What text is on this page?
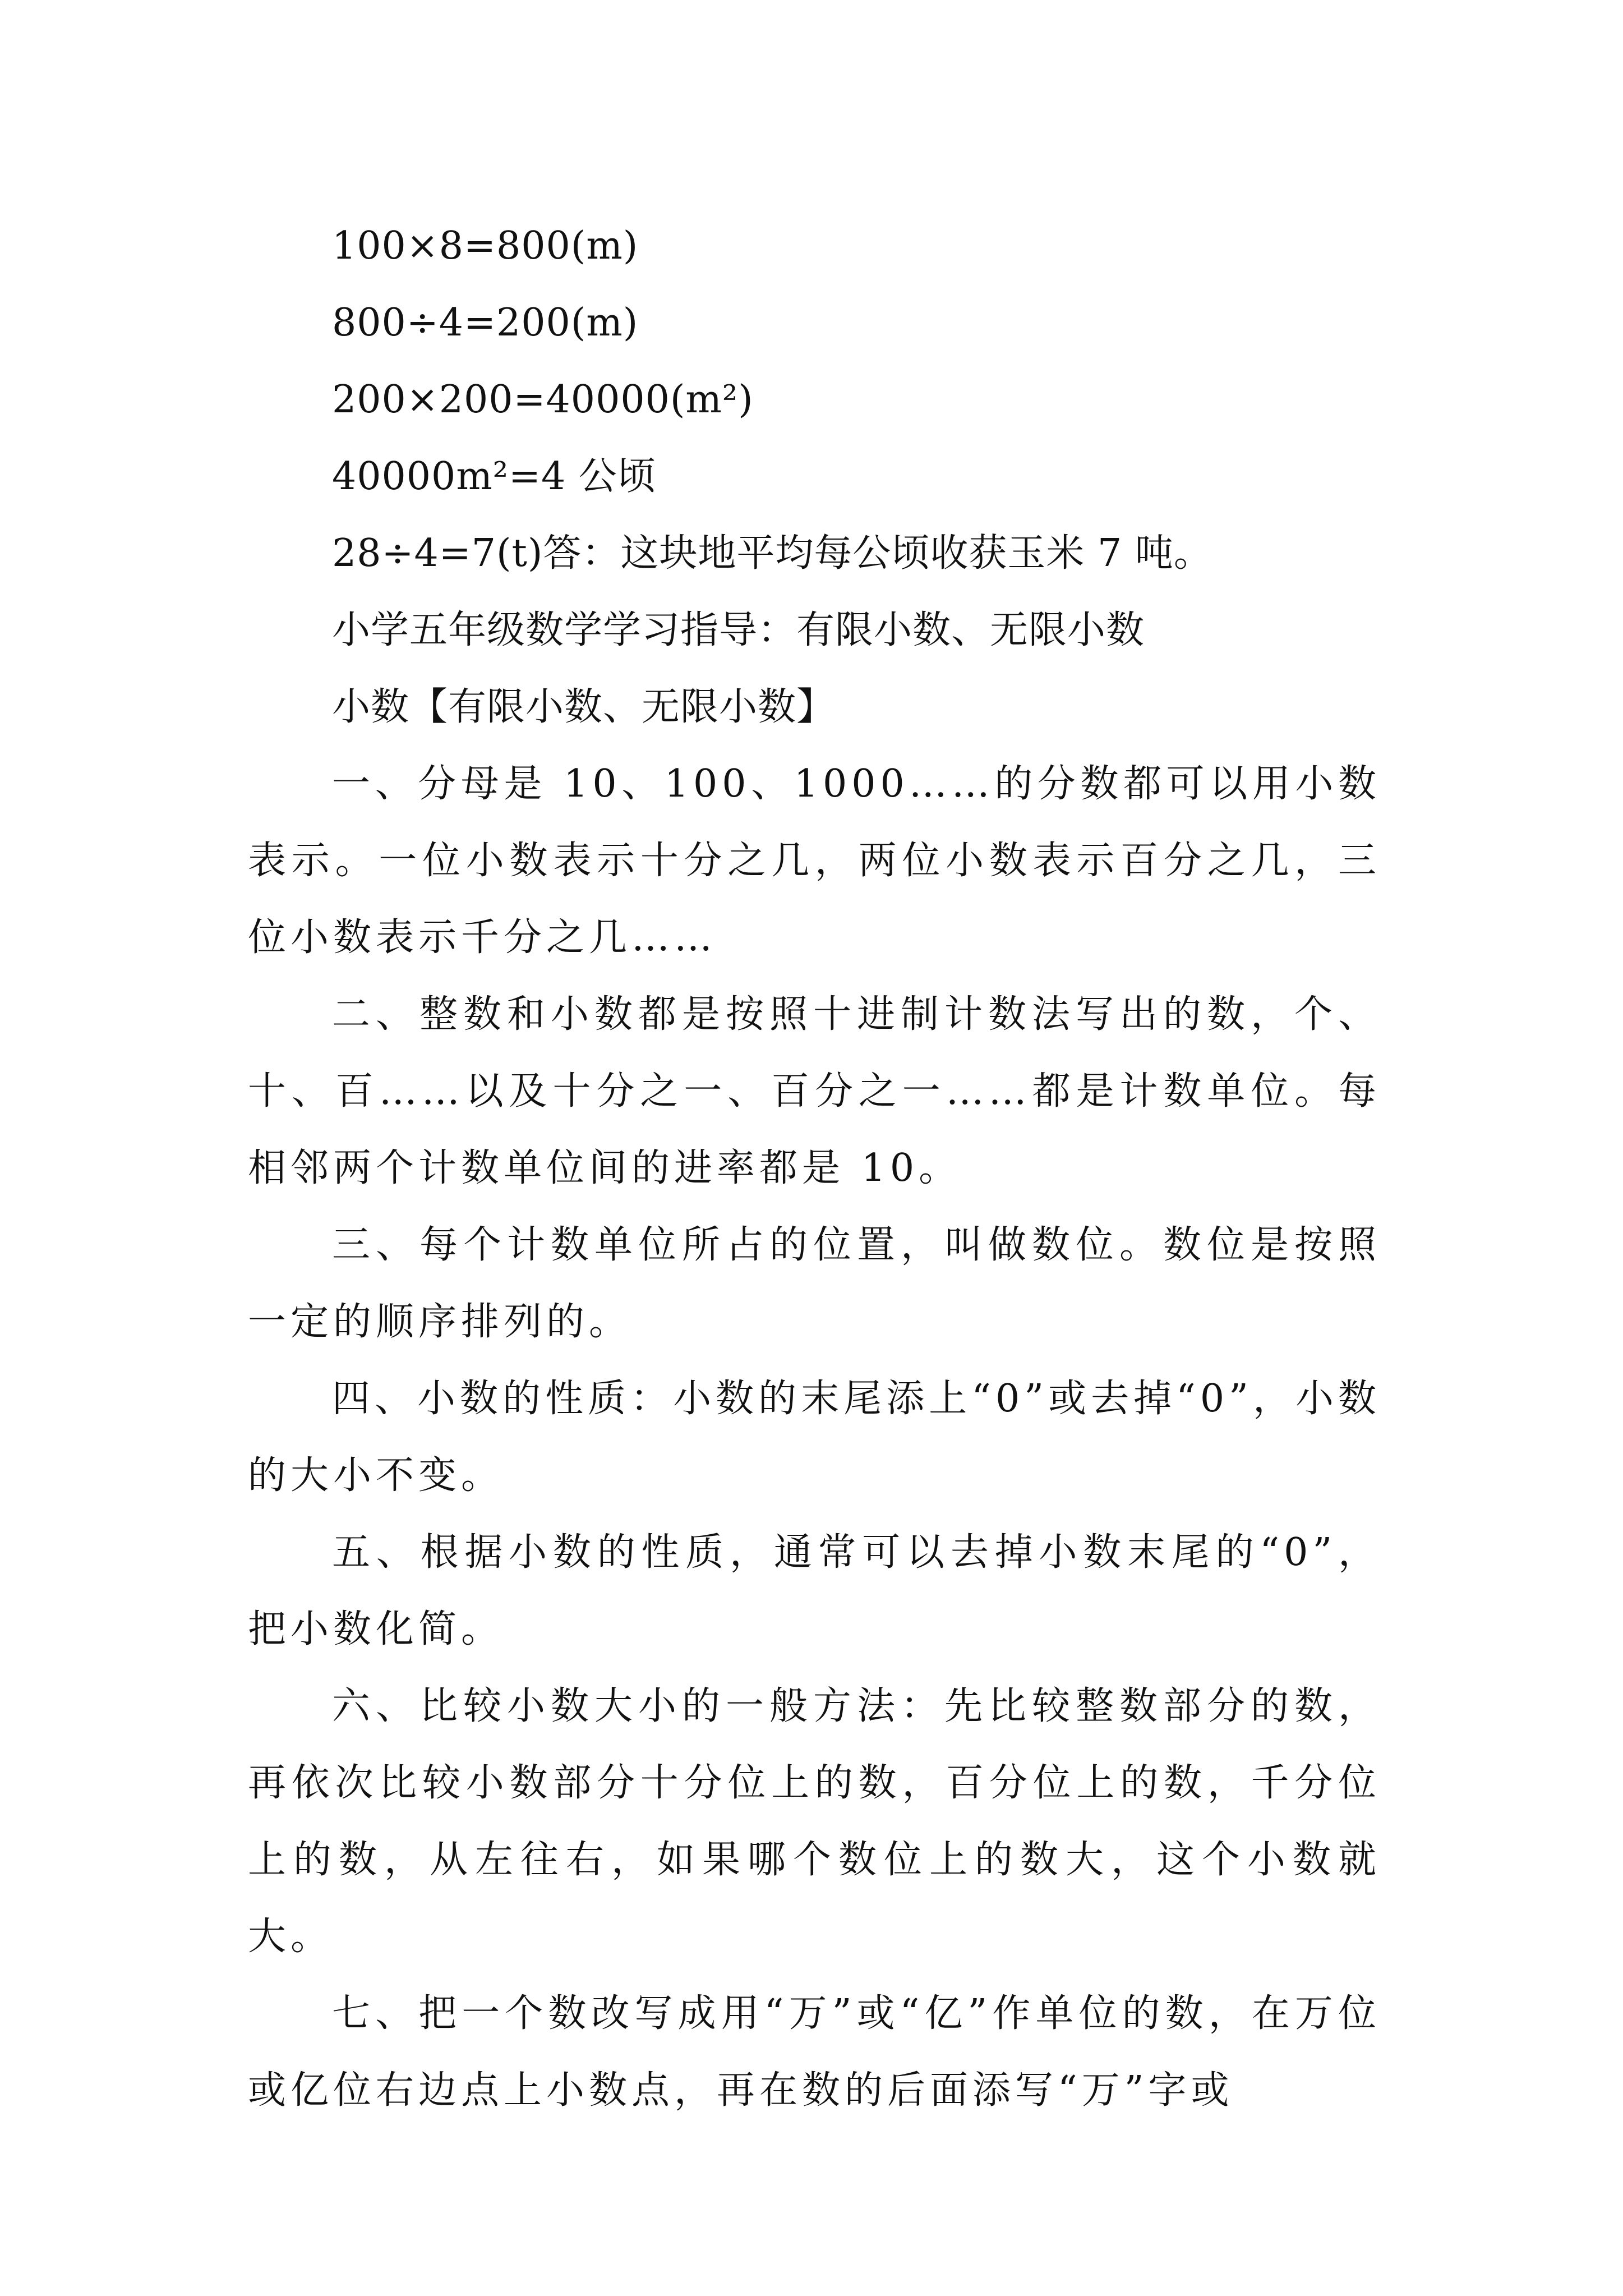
100×8=800(m)
800÷4=200(m)
200×200=40000(m²)
40000m²=4 公顷
28÷4=7(t)答：这块地平均每公顷收获玉米 7 吨。
小学五年级数学学习指导：有限小数、无限小数
小数【有限小数、无限小数】
一、分母是 10、100、1000……的分数都可以用小数表示。一位小数表示十分之几，两位小数表示百分之几，三位小数表示千分之几……
二、整数和小数都是按照十进制计数法写出的数，个、十、百……以及十分之一、百分之一……都是计数单位。每相邻两个计数单位间的进率都是 10。
三、每个计数单位所占的位置，叫做数位。数位是按照一定的顺序排列的。
四、小数的性质：小数的末尾添上“0”或去掉“0”，小数的大小不变。
五、根据小数的性质，通常可以去掉小数末尾的“0”，把小数化简。
六、比较小数大小的一般方法：先比较整数部分的数，再依次比较小数部分十分位上的数，百分位上的数，千分位上的数，从左往右，如果哪个数位上的数大，这个小数就大。
七、把一个数改写成用“万”或“亿”作单位的数，在万位或亿位右边点上小数点，再在数的后面添写“万”字或
